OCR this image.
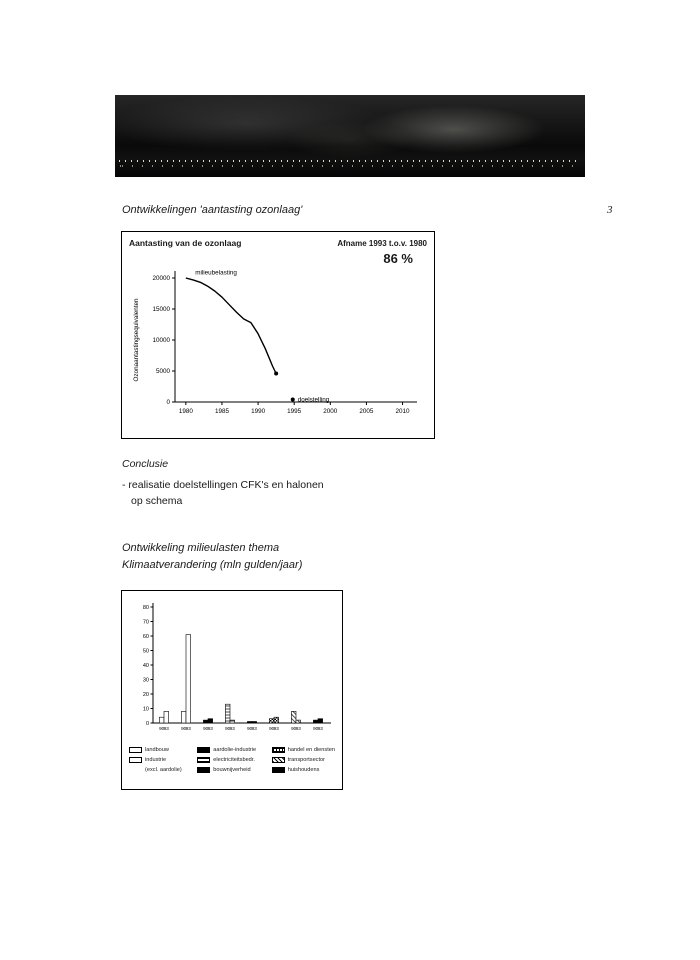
Ontwikkelingen 'aantasting ozonlaag'	3
Aantasting van de ozonlaag	Afname 1993 t.o.v. 1980
86 %
0
5000
10000
15000
20000
1980	1985	1990	1995	2000	2005	2010
Ozonaantastingsequivalenten
milieubelasting
doelstelling
Conclusie
- realisatie doelstellingen CFK's en halonen
op schema
Ontwikkeling milieulasten thema
Klimaatverandering (mln gulden/jaar)
0
10
20
30
40
50
60
70
80
90 93	90 93	90 93	90 93	90 93	90 93	90 93	90 93
landbouw
industrie
(excl. aardolie)
aardolie-industrie
electriciteitsbedr.
bouwnijverheid
handel en diensten
transportsector
huishoudens
